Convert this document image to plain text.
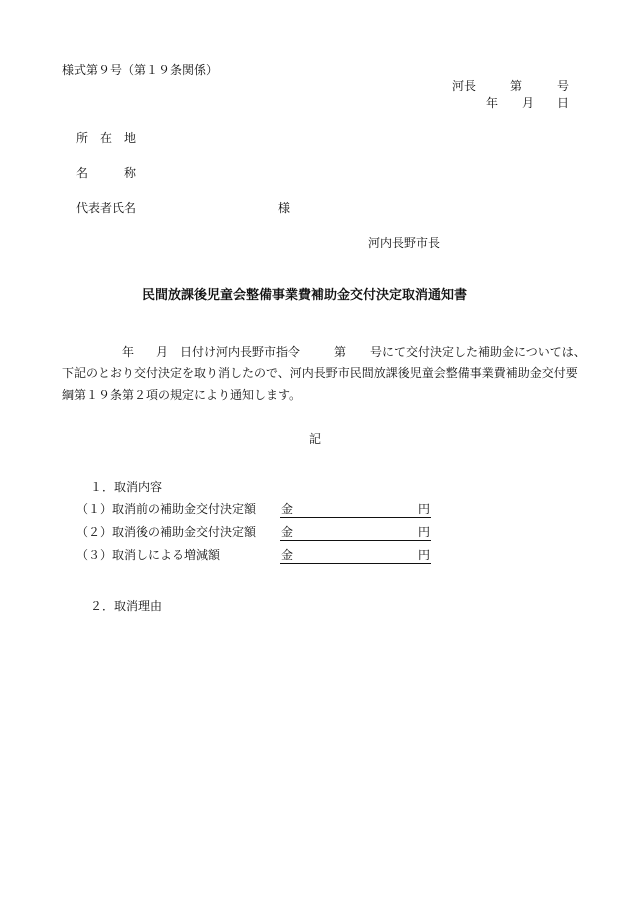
様式第９号（第１９条関係）
河長	第	号
年 月 日
所　在　地
名　　　称
代表者氏名	様
河内長野市長
民間放課後児童会整備事業費補助金交付決定取消通知書
年 月 日付け河内長野市指令	第 号にて交付決定した補助金については、
下記のとおり交付決定を取り消したので、河内長野市民間放課後児童会整備事業費補助金交付要
綱第１９条第２項の規定により通知します。
記
１．取消内容
（１）取消前の補助金交付決定額 金	円
（２）取消後の補助金交付決定額 金	円
（３）取消しによる増減額	金	円
２．取消理由
